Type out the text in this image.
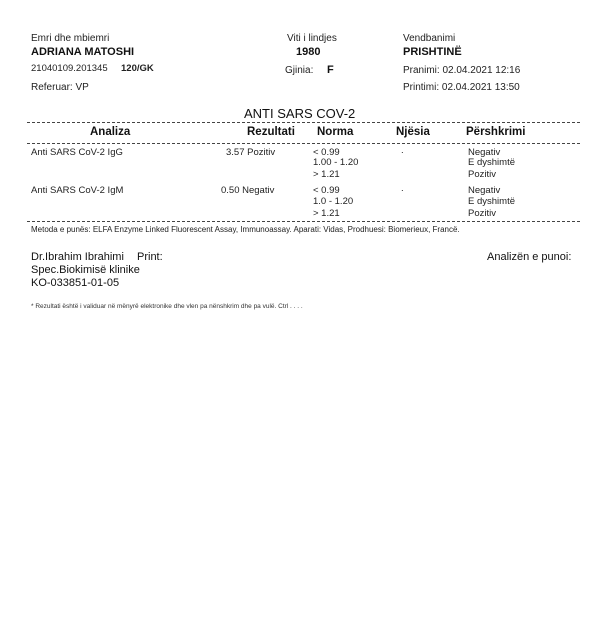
Emri dhe mbiemri
ADRIANA MATOSHI
21040109.201345 120/GK
Referuar: VP
Viti i lindjes
1980
Gjinia: F
Vendbanimi
PRISHTINË
Pranimi: 02.04.2021 12:16
Printimi: 02.04.2021 13:50
ANTI SARS COV-2
Analiza	Rezultati Norma	Njësia	Përshkrimi
Anti SARS CoV-2 IgG	3.57 Pozitiv	< 0.99
1.00 - 1.20
> 1.21
.	Negativ
E dyshimtë
Pozitiv
Anti SARS CoV-2 IgM	0.50 Negativ	< 0.99
1.0 - 1.20
> 1.21
.	Negativ
E dyshimtë
Pozitiv
Metoda e punës: ELFA Enzyme Linked Fluorescent Assay, Immunoassay. Aparati: Vidas, Prodhuesi: Biomerieux, Francë.
Dr.Ibrahim Ibrahimi Print:
Spec.Biokimisë klinike
KO-033851-01-05
Analizën e punoi:
* Rezultati është i validuar në mënyrë elektronike dhe vlen pa nënshkrim dhe pa vulë. Ctrl . . . .
